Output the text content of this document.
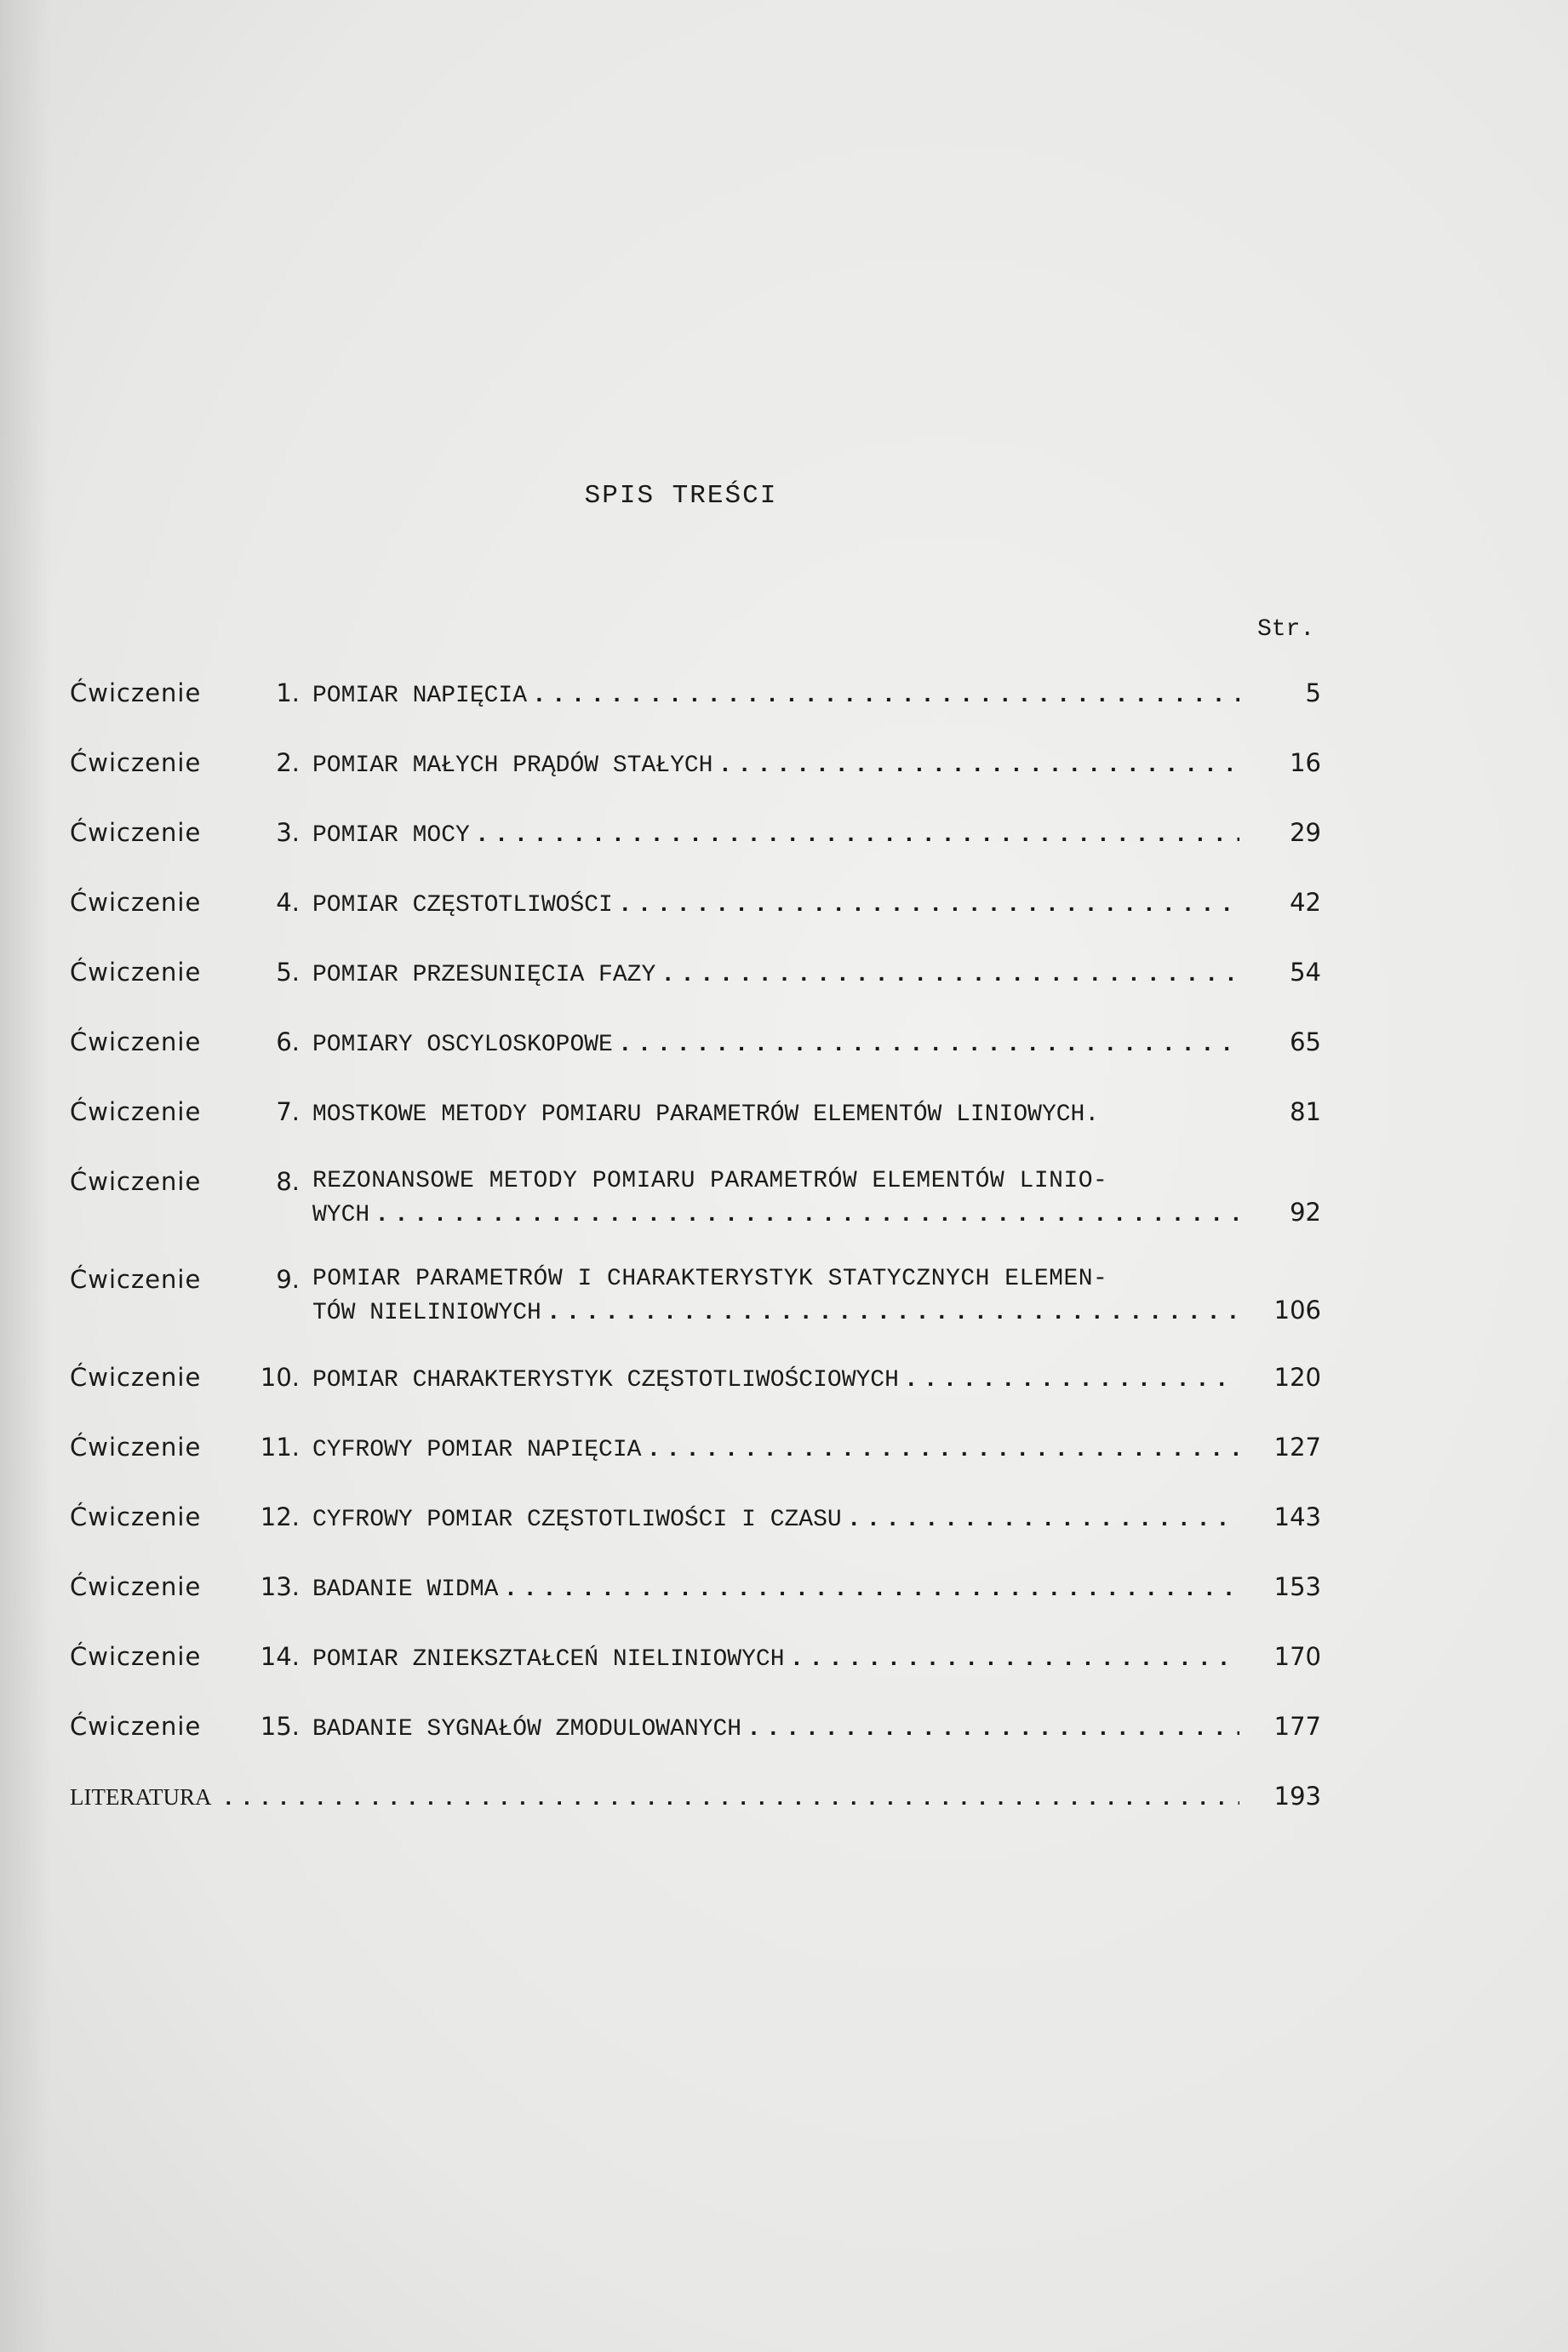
SPIS TREŚCI
Str.
Ćwiczenie	1. POMIAR NAPIĘCIA .....	5
Ćwiczenie	2. POMIAR MAŁYCH PRĄDÓW STAŁYCH .....	16
Ćwiczenie	3. POMIAR MOCY .....	29
Ćwiczenie	4. POMIAR CZĘSTOTLIWOŚCI .....	42
Ćwiczenie	5. POMIAR PRZESUNIĘCIA FAZY .....	54
Ćwiczenie	6. POMIARY OSCYLOSKOPOWE .....	65
Ćwiczenie	7. MOSTKOWE METODY POMIARU PARAMETRÓW ELEMENTÓW LINIOWYCH.	81
Ćwiczenie	8. REZONANSOWE METODY POMIARU PARAMETRÓW ELEMENTÓW LINIO-
WYCH .....	92
Ćwiczenie	9. POMIAR PARAMETRÓW I CHARAKTERYSTYK STATYCZNYCH ELEMEN-
TÓW NIELINIOWYCH .....	106
Ćwiczenie	10. POMIAR CHARAKTERYSTYK CZĘSTOTLIWOŚCIOWYCH .....	120
Ćwiczenie	11. CYFROWY POMIAR NAPIĘCIA .....	127
Ćwiczenie	12. CYFROWY POMIAR CZĘSTOTLIWOŚCI I CZASU .....	143
Ćwiczenie	13. BADANIE WIDMA .....	153
Ćwiczenie	14. POMIAR ZNIEKSZTAŁCEŃ NIELINIOWYCH .....	170
Ćwiczenie	15. BADANIE SYGNAŁÓW ZMODULOWANYCH .....	177
LITERATURA .....	193
